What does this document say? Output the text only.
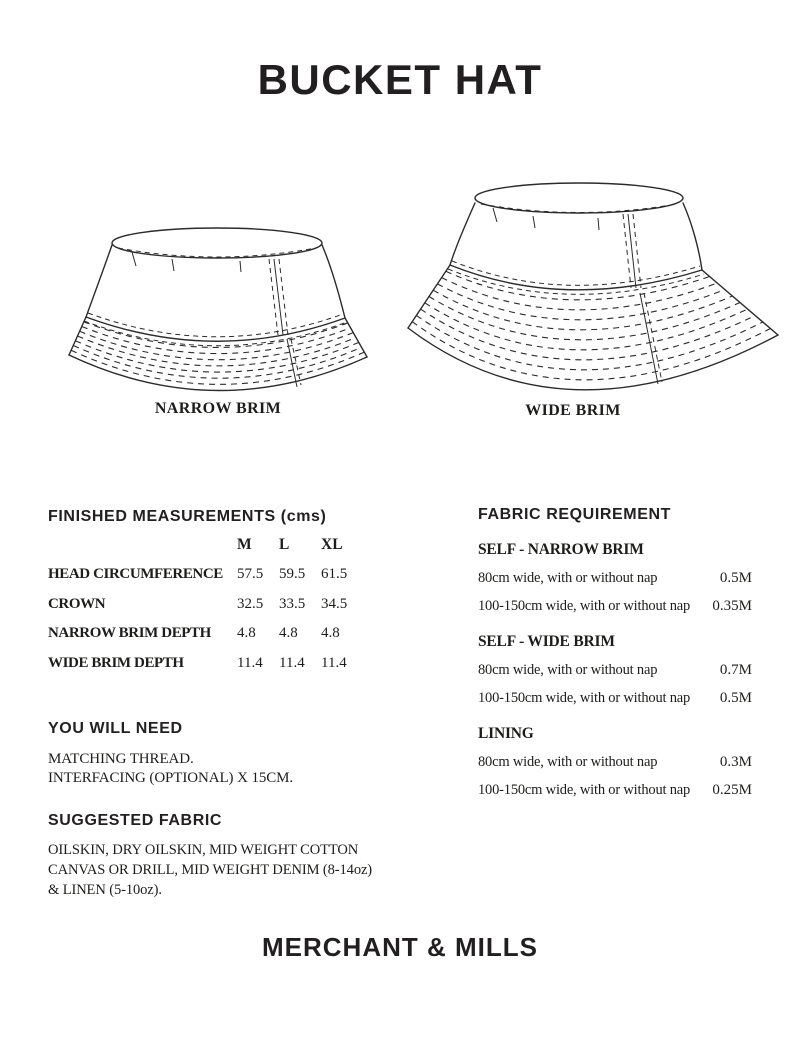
BUCKET HAT
NARROW BRIM	WIDE BRIM
FINISHED MEASUREMENTS (cms)
M	L	XL
HEAD CIRCUMFERENCE 57.5	59.5	61.5
CROWN	32.5	33.5	34.5
NARROW BRIM DEPTH	4.8	4.8	4.8
WIDE BRIM DEPTH	11.4	11.4	11.4
FABRIC REQUIREMENT
SELF - NARROW BRIM
80cm wide, with or without nap	0.5M
100-150cm wide, with or without nap 0.35M
SELF - WIDE BRIM
80cm wide, with or without nap	0.7M
100-150cm wide, with or without nap 0.5M
LINING
80cm wide, with or without nap	0.3M
100-150cm wide, with or without nap 0.25M
YOU WILL NEED
MATCHING THREAD.
INTERFACING (OPTIONAL) X 15CM.
SUGGESTED FABRIC
OILSKIN, DRY OILSKIN, MID WEIGHT COTTON
CANVAS OR DRILL, MID WEIGHT DENIM (8-14oz)
& LINEN (5-10oz).
MERCHANT & MILLS
